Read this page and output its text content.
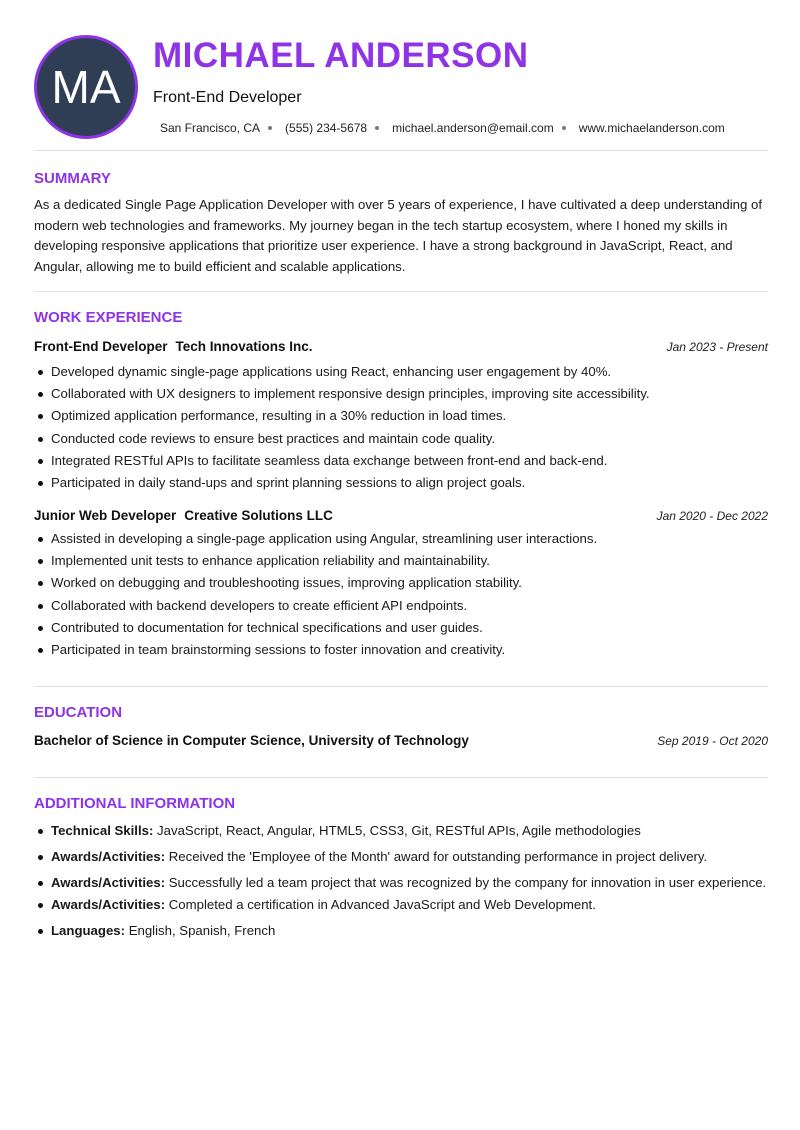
MA
MICHAEL ANDERSON
Front-End Developer
San Francisco, CA (555) 234-5678 michael.anderson@email.com www.michaelanderson.com
SUMMARY

As a dedicated Single Page Application Developer with over 5 years of experience, I have cultivated a deep understanding of modern web technologies and frameworks. My journey began in the tech startup ecosystem, where I honed my skills in developing responsive applications that prioritize user experience. I have a strong background in JavaScript, React, and Angular, allowing me to build efficient and scalable applications.

WORK EXPERIENCE
Front-End Developer Tech Innovations Inc.	Jan 2023 - Present
Developed dynamic single-page applications using React, enhancing user engagement by 40%.
Collaborated with UX designers to implement responsive design principles, improving site accessibility.
Optimized application performance, resulting in a 30% reduction in load times.
Conducted code reviews to ensure best practices and maintain code quality.
Integrated RESTful APIs to facilitate seamless data exchange between front-end and back-end.
Participated in daily stand-ups and sprint planning sessions to align project goals.
Junior Web Developer Creative Solutions LLC	Jan 2020 - Dec 2022
Assisted in developing a single-page application using Angular, streamlining user interactions.
Implemented unit tests to enhance application reliability and maintainability.
Worked on debugging and troubleshooting issues, improving application stability.
Collaborated with backend developers to create efficient API endpoints.
Contributed to documentation for technical specifications and user guides.
Participated in team brainstorming sessions to foster innovation and creativity.
EDUCATION
Bachelor of Science in Computer Science, University of Technology	Sep 2019 - Oct 2020
ADDITIONAL INFORMATION
Technical Skills: JavaScript, React, Angular, HTML5, CSS3, Git, RESTful APIs, Agile methodologies
Awards/Activities: Received the 'Employee of the Month' award for outstanding performance in project delivery.
Awards/Activities: Successfully led a team project that was recognized by the company for innovation in user experience.
Awards/Activities: Completed a certification in Advanced JavaScript and Web Development.
Languages: English, Spanish, French
